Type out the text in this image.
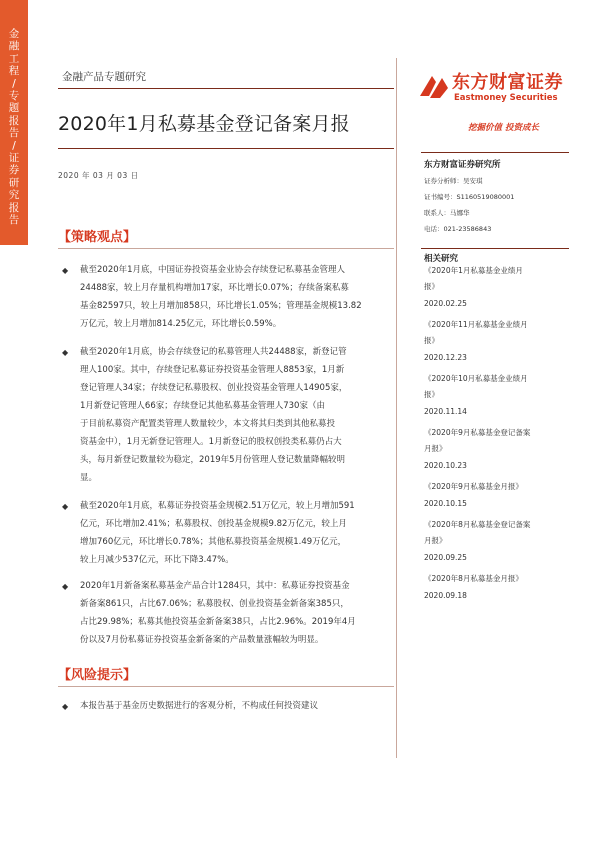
金
融
工
程
/
专
题
报
告
/
证
券
研
究
报
告
金融产品专题研究
2020年1月私募基金登记备案月报
2020 年 03 月 03 日
东方财富证券
Eastmoney Securities
挖掘价值 投资成长
东方财富证券研究所
证券分析师：吴安琪
证书编号：S1160519080001
联系人：马娜华
电话：021-23586843
相关研究
《2020年1月私募基金业绩月
报》
2020.02.25
《2020年11月私募基金业绩月
报》
2020.12.23
《2020年10月私募基金业绩月
报》
2020.11.14
《2020年9月私募基金登记备案
月报》
2020.10.23
《2020年9月私募基金月报》
2020.10.15
《2020年8月私募基金登记备案
月报》
2020.09.25
《2020年8月私募基金月报》
2020.09.18
【策略观点】
◆ 截至2020年1月底，中国证券投资基金业协会存续登记私募基金管理人
24488家，较上月存量机构增加17家，环比增长0.07%；存续备案私募
基金82597只，较上月增加858只，环比增长1.05%；管理基金规模13.82
万亿元，较上月增加814.25亿元，环比增长0.59%。
◆ 截至2020年1月底，协会存续登记的私募管理人共24488家，新登记管
理人100家。其中，存续登记私募证券投资基金管理人8853家，1月新
登记管理人34家；存续登记私募股权、创业投资基金管理人14905家，
1月新登记管理人66家；存续登记其他私募基金管理人730家（由
于目前私募资产配置类管理人数量较少，本文将其归类到其他私募投
资基金中），1月无新登记管理人。1月新登记的股权创投类私募仍占大
头，每月新登记数量较为稳定，2019年5月份管理人登记数量降幅较明
显。
◆ 截至2020年1月底，私募证券投资基金规模2.51万亿元，较上月增加591
亿元，环比增加2.41%；私募股权、创投基金规模9.82万亿元，较上月
增加760亿元，环比增长0.78%；其他私募投资基金规模1.49万亿元，
较上月减少537亿元，环比下降3.47%。
◆ 2020年1月新备案私募基金产品合计1284只，其中：私募证券投资基金
新备案861只，占比67.06%；私募股权、创业投资基金新备案385只，
占比29.98%；私募其他投资基金新备案38只，占比2.96%。2019年4月
份以及7月份私募证券投资基金新备案的产品数量涨幅较为明显。
【风险提示】
◆ 本报告基于基金历史数据进行的客观分析，不构成任何投资建议
